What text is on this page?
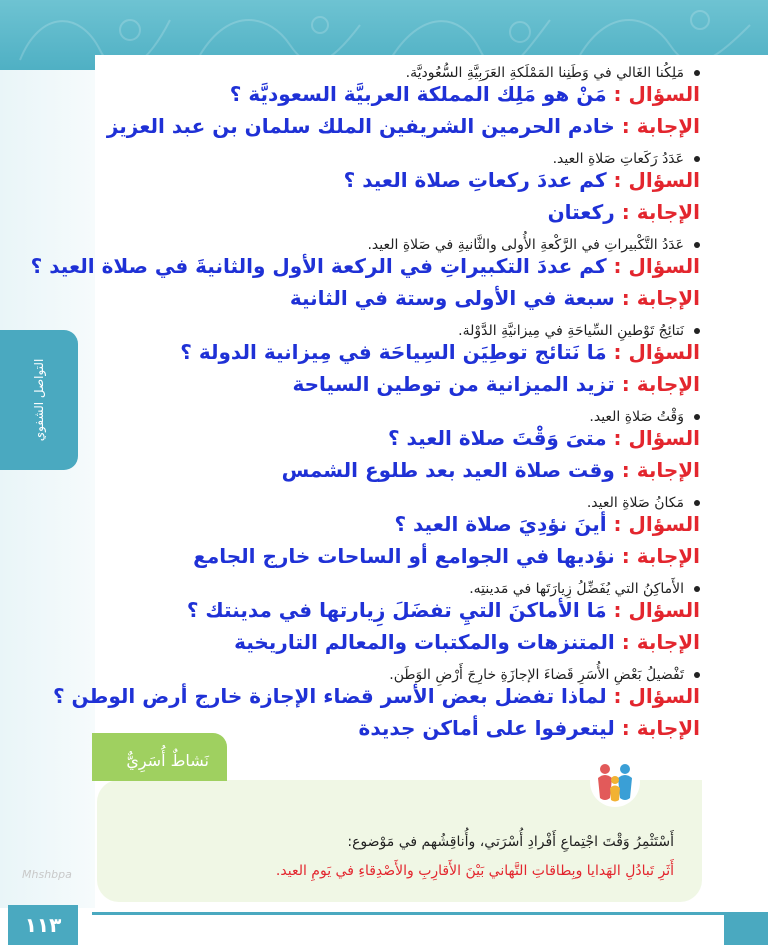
التواصل الشفوي
مَلِكُنا الغَالي في وَطَنِنا المَمْلَكةِ العَرَبِيَّةِ السُّعُوديَّة.
السؤال : مَنْ هو مَلِك المملكة العربيَّة السعوديَّة ؟
الإجابة : خادم الحرمين الشريفين الملك سلمان بن عبد العزيز
عَدَدُ رَكَعاتِ صَلاةِ العيد.
السؤال : كم عددَ ركعاتِ صلاة العيد ؟
الإجابة : ركعتان
عَدَدُ التَّكْبيراتِ في الرَّكْعةِ الأُولى والثَّانيةِ في صَلاةِ العيد.
السؤال : كم عددَ التكبيراتِ في الركعة الأول والثانيةَ في صلاة العيد ؟
الإجابة : سبعة في الأولى وستة في الثانية
نَتائِجُ تَوْطينِ السِّياحَةِ في مِيزانيَّةِ الدَّوْلة.
السؤال : مَا نَتائج توطِيَن السِياحَة في مِيزانية الدولة ؟
الإجابة : تزيد الميزانية من توطين السياحة
وَقْتُ صَلاةِ العيد.
السؤال : متىَ وَقْتَ صلاة العيد ؟
الإجابة : وقت صلاة العيد بعد طلوع الشمس
مَكانُ صَلاةِ العيد.
السؤال : أينَ نؤدِيَ صلاة العيد ؟
الإجابة : نؤديها في الجوامع أو الساحات خارج الجامع
الأَماكِنُ التي يُفَضِّلُ زِيارَتَها في مَدينتِه.
السؤال : مَا الأماكنَ التيِ تفضَلَ زِيارتها في مدينتك ؟
الإجابة : المتنزهات والمكتبات والمعالم التاريخية
تَفْضيلُ بَعْضِ الأُسَرِ قَضاءَ الإجازَةِ خارِجَ أَرْضِ الوَطَن.
السؤال : لماذا تفضل بعض الأسر قضاء الإجازة خارج أرض الوطن ؟
الإجابة : ليتعرفوا على أماكن جديدة
أَسْتَثْمِرُ وَقْتَ اجْتِماعِ أَفْرادِ أُسْرَتي، وأُناقِشُهم في مَوْضوع:
أَثَرِ تَبادُلِ الهَدايا وبِطاقاتِ التَّهاني بَيْنَ الأَقارِبِ والأَصْدِقاءِ في يَومِ العيد.
نَشاطٌ أُسَرِيٌّ
Mhshbpa
١١٣
